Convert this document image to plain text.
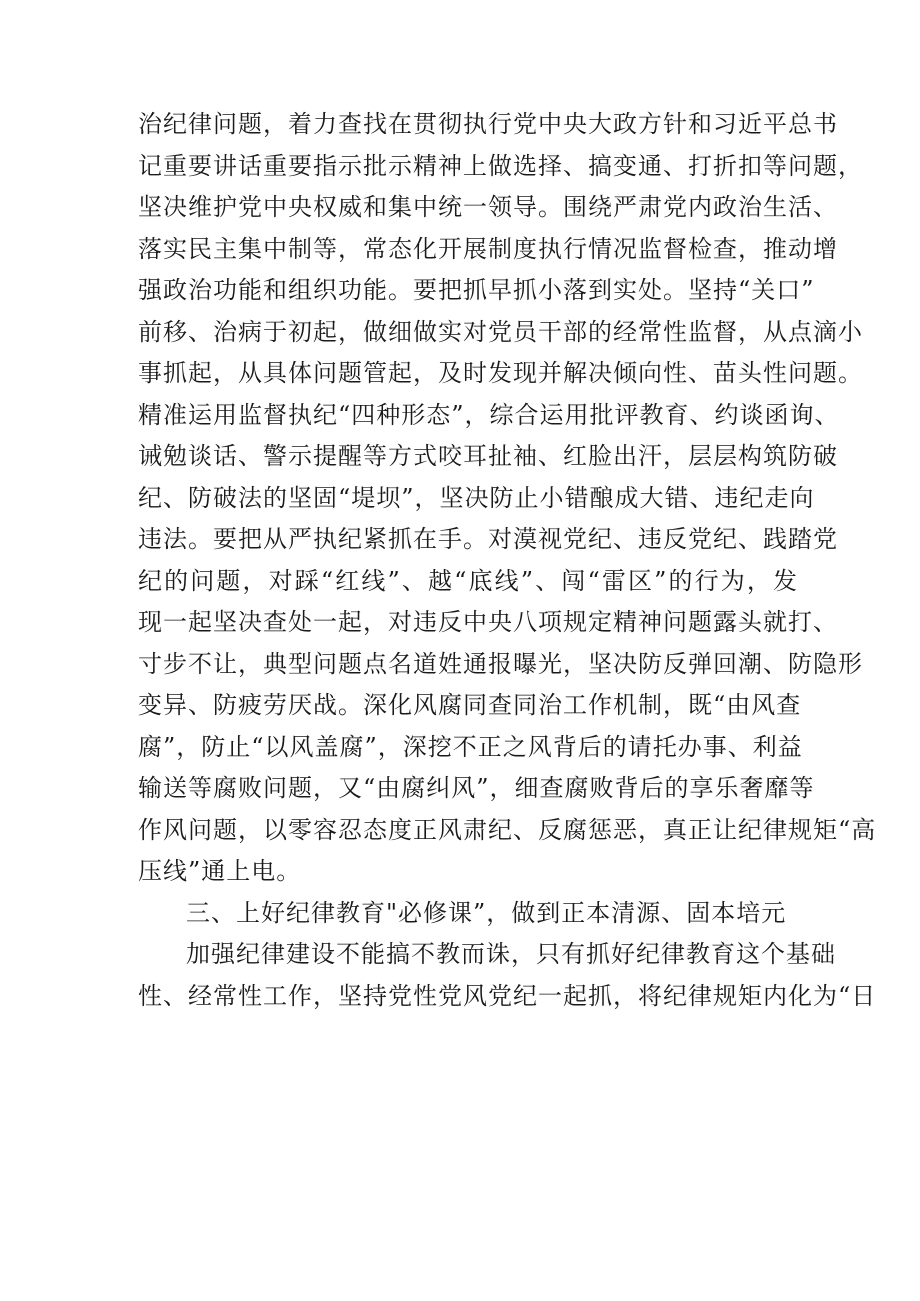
治纪律问题，着力查找在贯彻执行党中央大政方针和习近平总书
记重要讲话重要指示批示精神上做选择、搞变通、打折扣等问题，
坚决维护党中央权威和集中统一领导。围绕严肃党内政治生活、
落实民主集中制等，常态化开展制度执行情况监督检查，推动增
强政治功能和组织功能。要把抓早抓小落到实处。坚持“关口”
前移、治病于初起，做细做实对党员干部的经常性监督，从点滴小
事抓起，从具体问题管起，及时发现并解决倾向性、苗头性问题。
精准运用监督执纪“四种形态”，综合运用批评教育、约谈函询、
诫勉谈话、警示提醒等方式咬耳扯袖、红脸出汗，层层构筑防破
纪、防破法的坚固“堤坝”，坚决防止小错酿成大错、违纪走向
违法。要把从严执纪紧抓在手。对漠视党纪、违反党纪、践踏党
纪的问题，对踩“红线”、越“底线”、闯“雷区”的行为，发
现一起坚决查处一起，对违反中央八项规定精神问题露头就打、
寸步不让，典型问题点名道姓通报曝光，坚决防反弹回潮、防隐形
变异、防疲劳厌战。深化风腐同查同治工作机制，既“由风查
腐”，防止“以风盖腐”，深挖不正之风背后的请托办事、利益
输送等腐败问题，又“由腐纠风”，细查腐败背后的享乐奢靡等
作风问题，以零容忍态度正风肃纪、反腐惩恶，真正让纪律规矩“高
压线”通上电。
三、上好纪律教育"必修课”，做到正本清源、固本培元
加强纪律建设不能搞不教而诛，只有抓好纪律教育这个基础
性、经常性工作，坚持党性党风党纪一起抓，将纪律规矩内化为“日
